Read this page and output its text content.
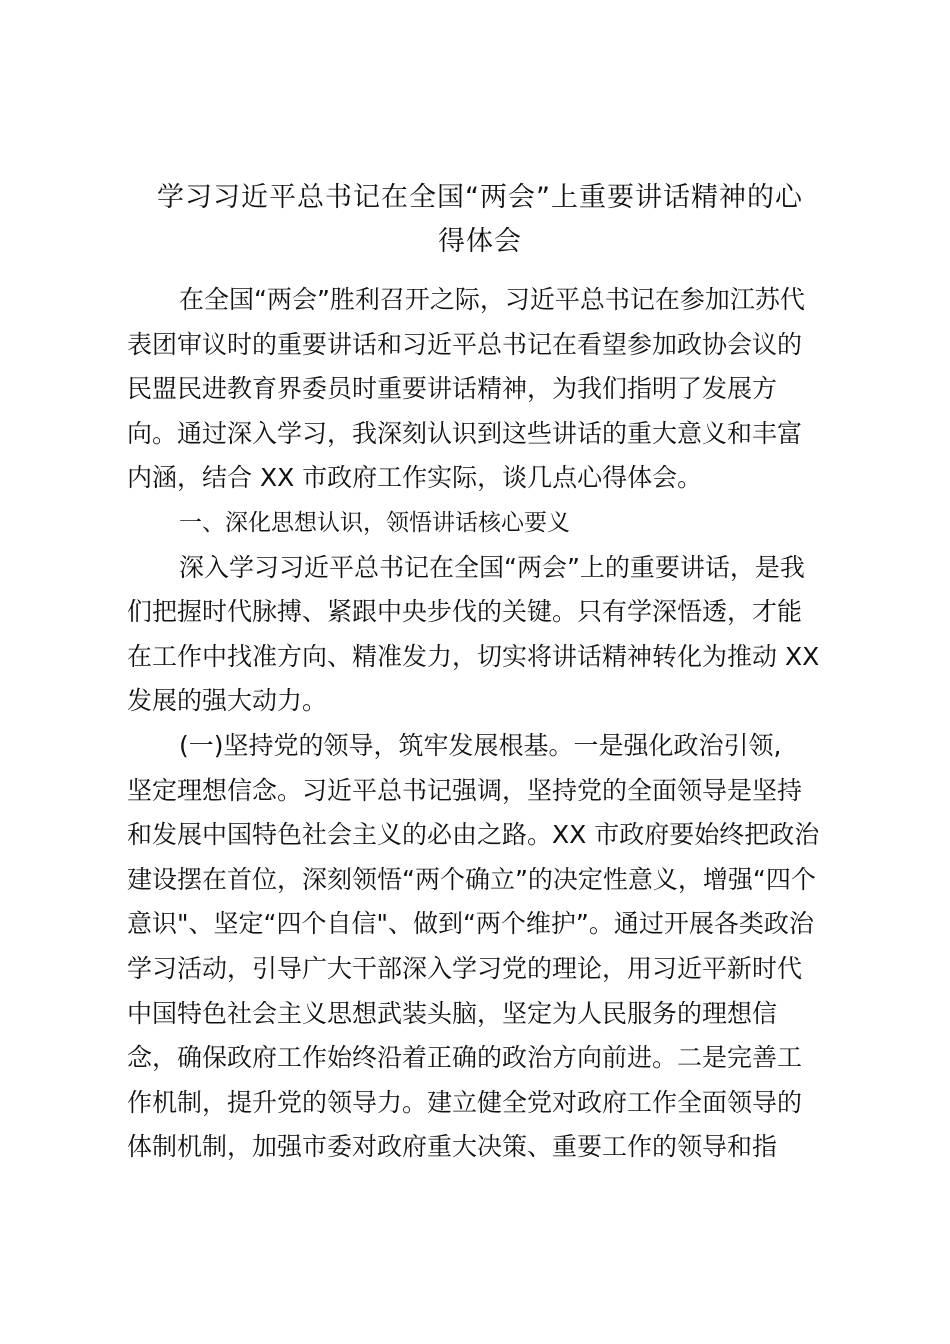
学习习近平总书记在全国“两会”上重要讲话精神的心
得体会
在全国“两会”胜利召开之际，习近平总书记在参加江苏代
表团审议时的重要讲话和习近平总书记在看望参加政协会议的
民盟民进教育界委员时重要讲话精神，为我们指明了发展方
向。通过深入学习，我深刻认识到这些讲话的重大意义和丰富
内涵，结合 XX 市政府工作实际，谈几点心得体会。
一、深化思想认识，领悟讲话核心要义
深入学习习近平总书记在全国“两会”上的重要讲话，是我
们把握时代脉搏、紧跟中央步伐的关键。只有学深悟透，才能
在工作中找准方向、精准发力，切实将讲话精神转化为推动 XX
发展的强大动力。
(一)坚持党的领导，筑牢发展根基。一是强化政治引领,
坚定理想信念。习近平总书记强调，坚持党的全面领导是坚持
和发展中国特色社会主义的必由之路。XX 市政府要始终把政治
建设摆在首位，深刻领悟“两个确立”的决定性意义，增强“四个
意识"、坚定“四个自信"、做到“两个维护”。通过开展各类政治
学习活动，引导广大干部深入学习党的理论，用习近平新时代
中国特色社会主义思想武装头脑，坚定为人民服务的理想信
念，确保政府工作始终沿着正确的政治方向前进。二是完善工
作机制，提升党的领导力。建立健全党对政府工作全面领导的
体制机制，加强市委对政府重大决策、重要工作的领导和指
